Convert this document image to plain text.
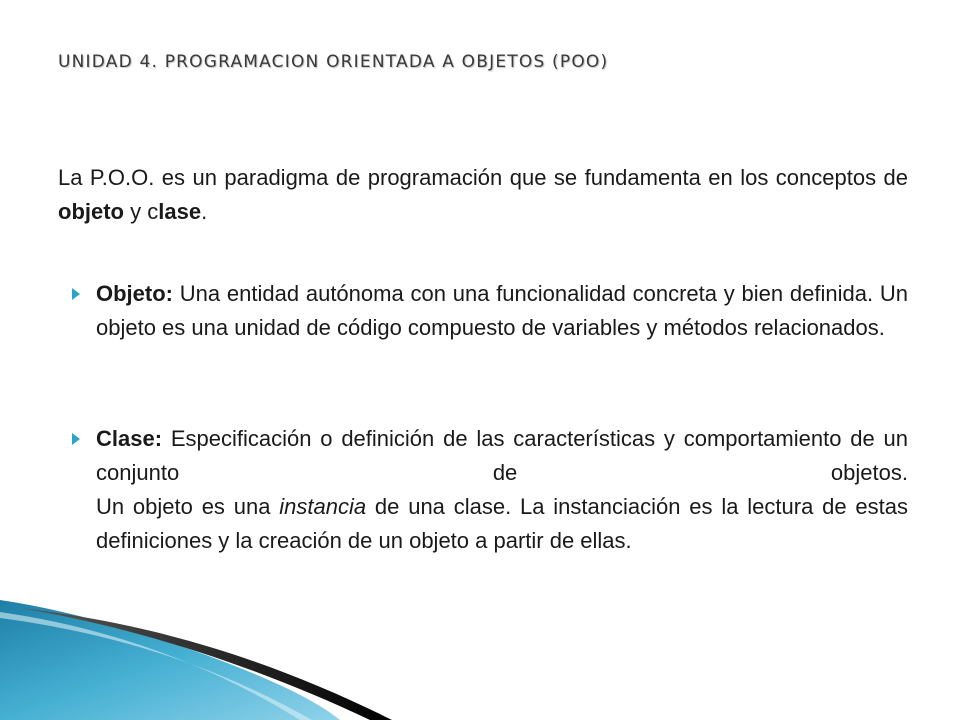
UNIDAD 4. PROGRAMACION ORIENTADA A OBJETOS (POO)
La P.O.O. es un paradigma de programación que se fundamenta en los conceptos de objeto y clase.
Objeto: Una entidad autónoma con una funcionalidad concreta y bien definida. Un objeto es una unidad de código compuesto de variables y métodos relacionados.
Clase: Especificación o definición de las características y comportamiento de un conjunto de objetos.
Un objeto es una instancia de una clase. La instanciación es la lectura de estas definiciones y la creación de un objeto a partir de ellas.
